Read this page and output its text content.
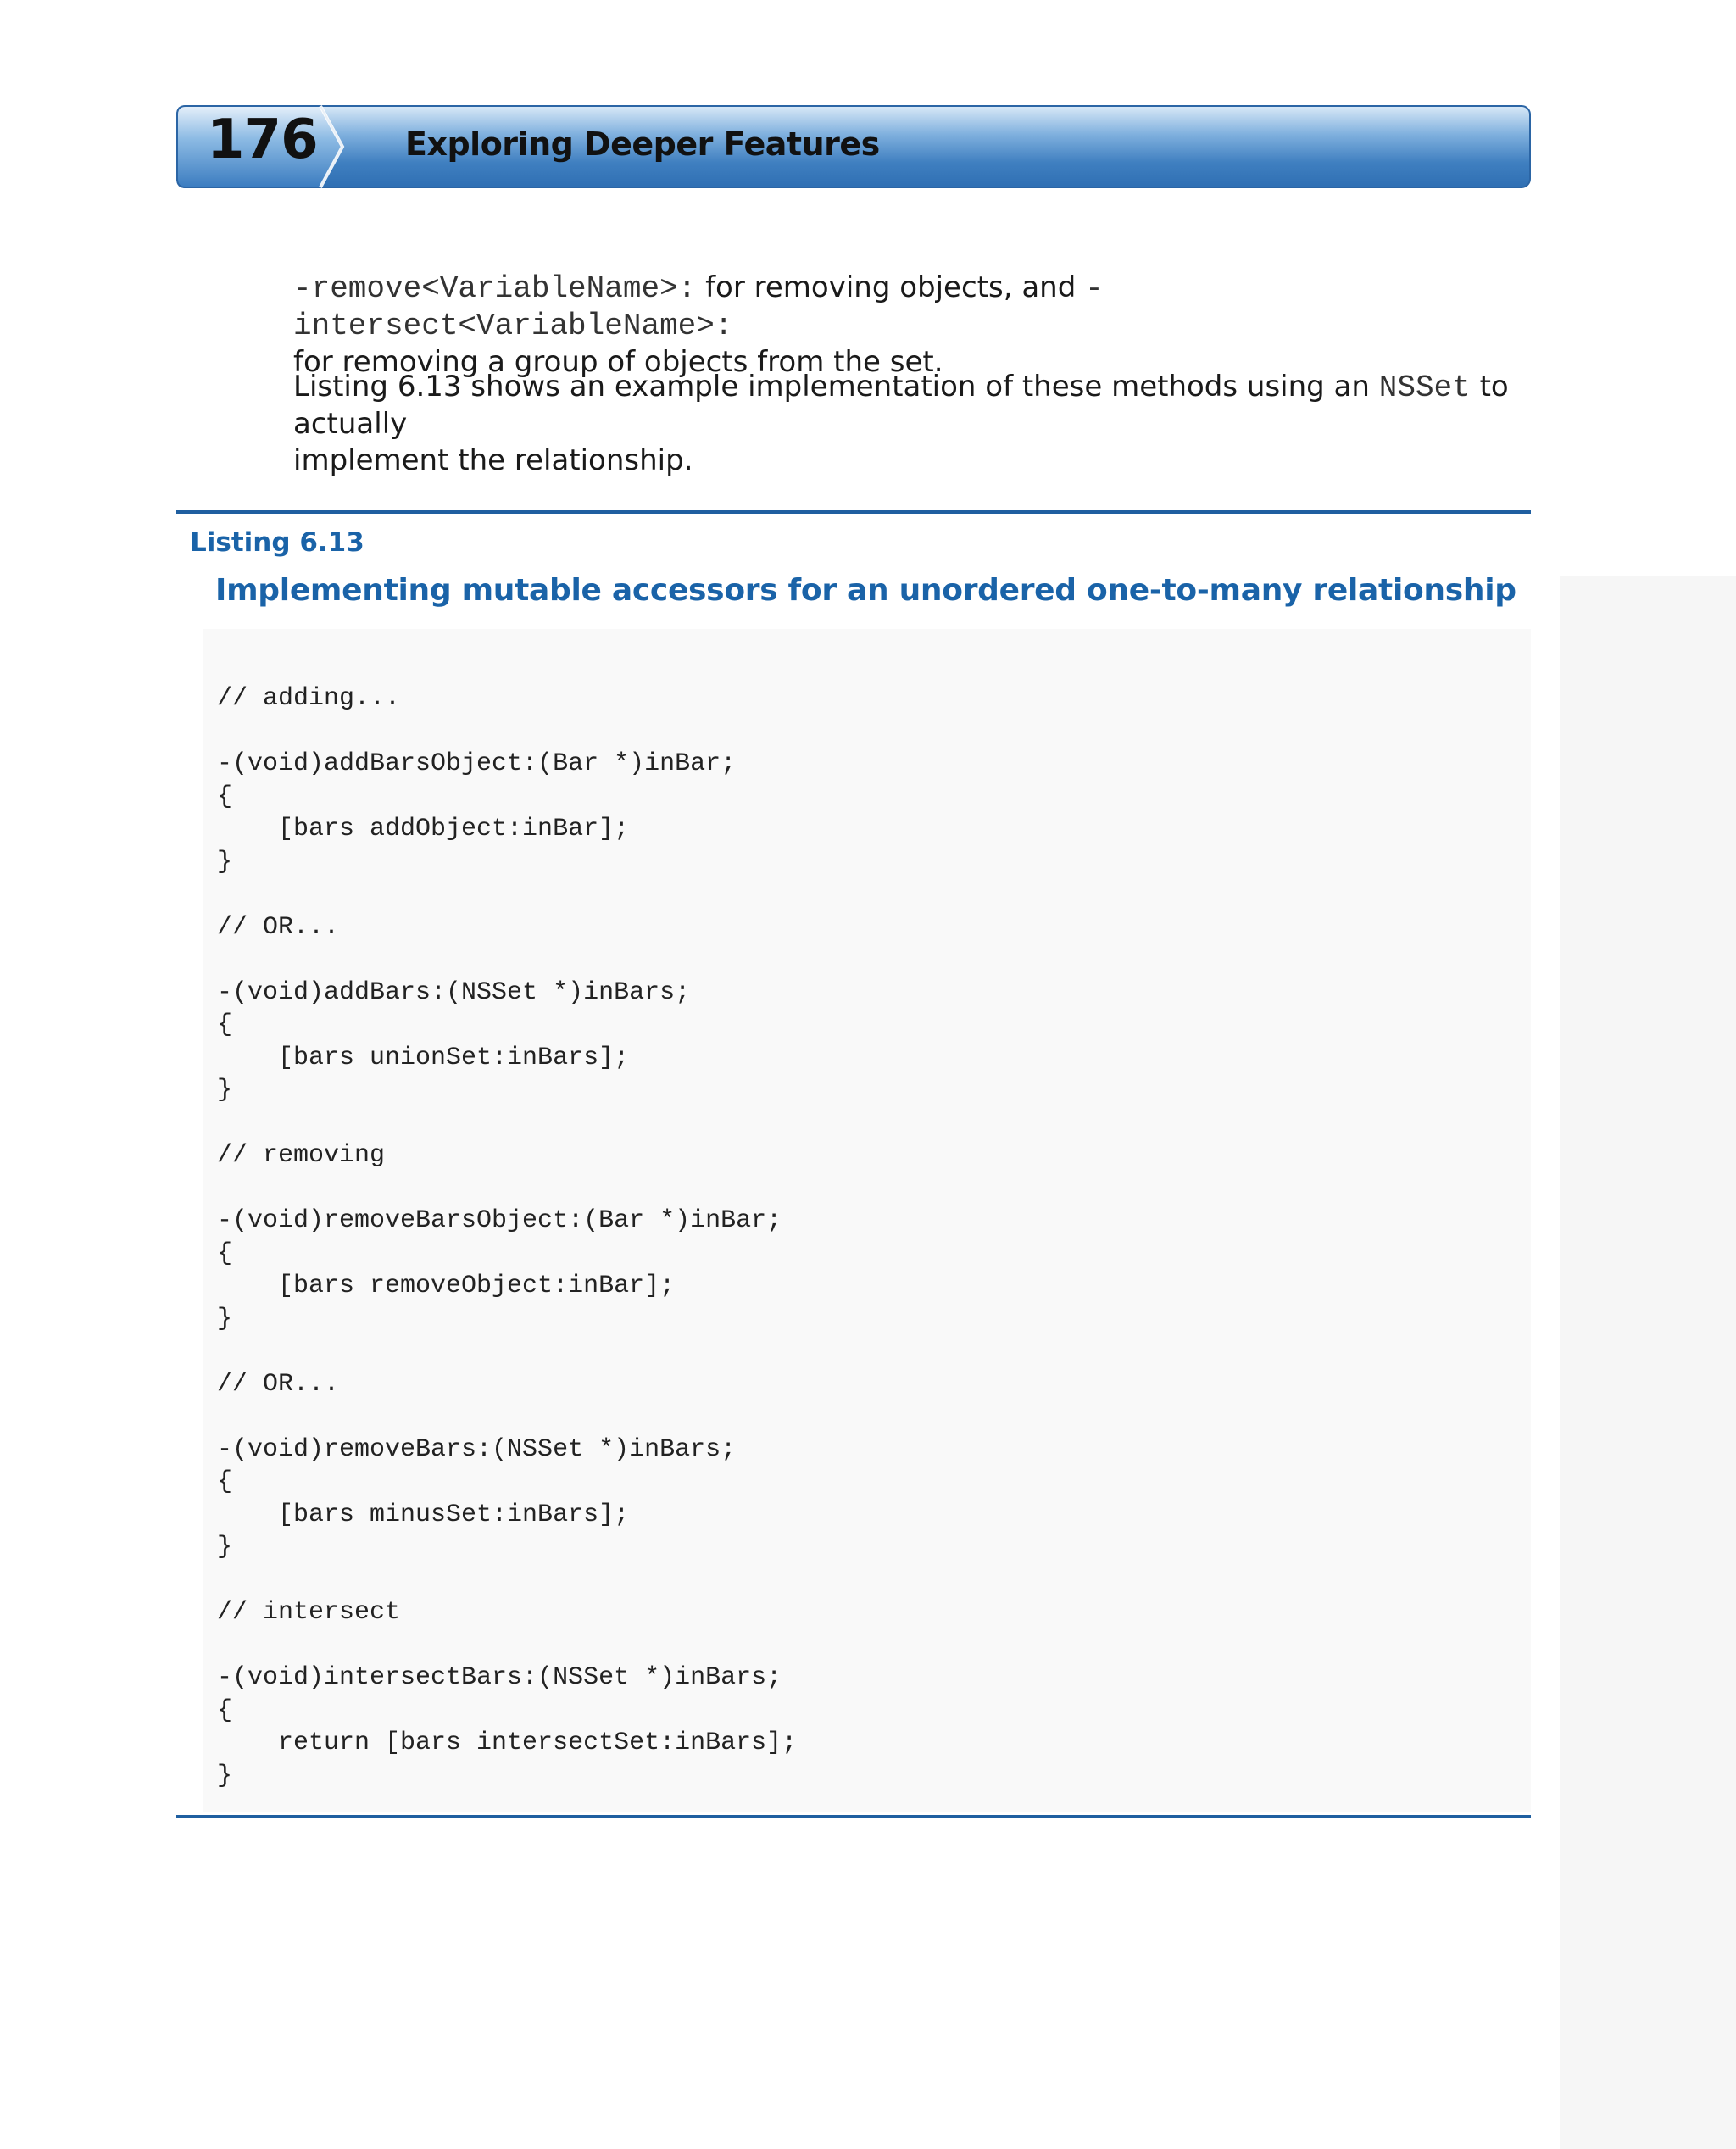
176	Exploring Deeper Features
-remove<VariableName>: for removing objects, and -intersect<VariableName>:
for removing a group of objects from the set.
Listing 6.13 shows an example implementation of these methods using an NSSet to actually
implement the relationship.
Listing 6.13
Implementing mutable accessors for an unordered one-to-many relationship
// adding...

-(void)addBarsObject:(Bar *)inBar;
{
[bars addObject:inBar];
}

// OR...

-(void)addBars:(NSSet *)inBars;
{
[bars unionSet:inBars];
}

// removing

-(void)removeBarsObject:(Bar *)inBar;
{
[bars removeObject:inBar];
}

// OR...

-(void)removeBars:(NSSet *)inBars;
{
[bars minusSet:inBars];
}

// intersect

-(void)intersectBars:(NSSet *)inBars;
{
return [bars intersectSet:inBars];
}
